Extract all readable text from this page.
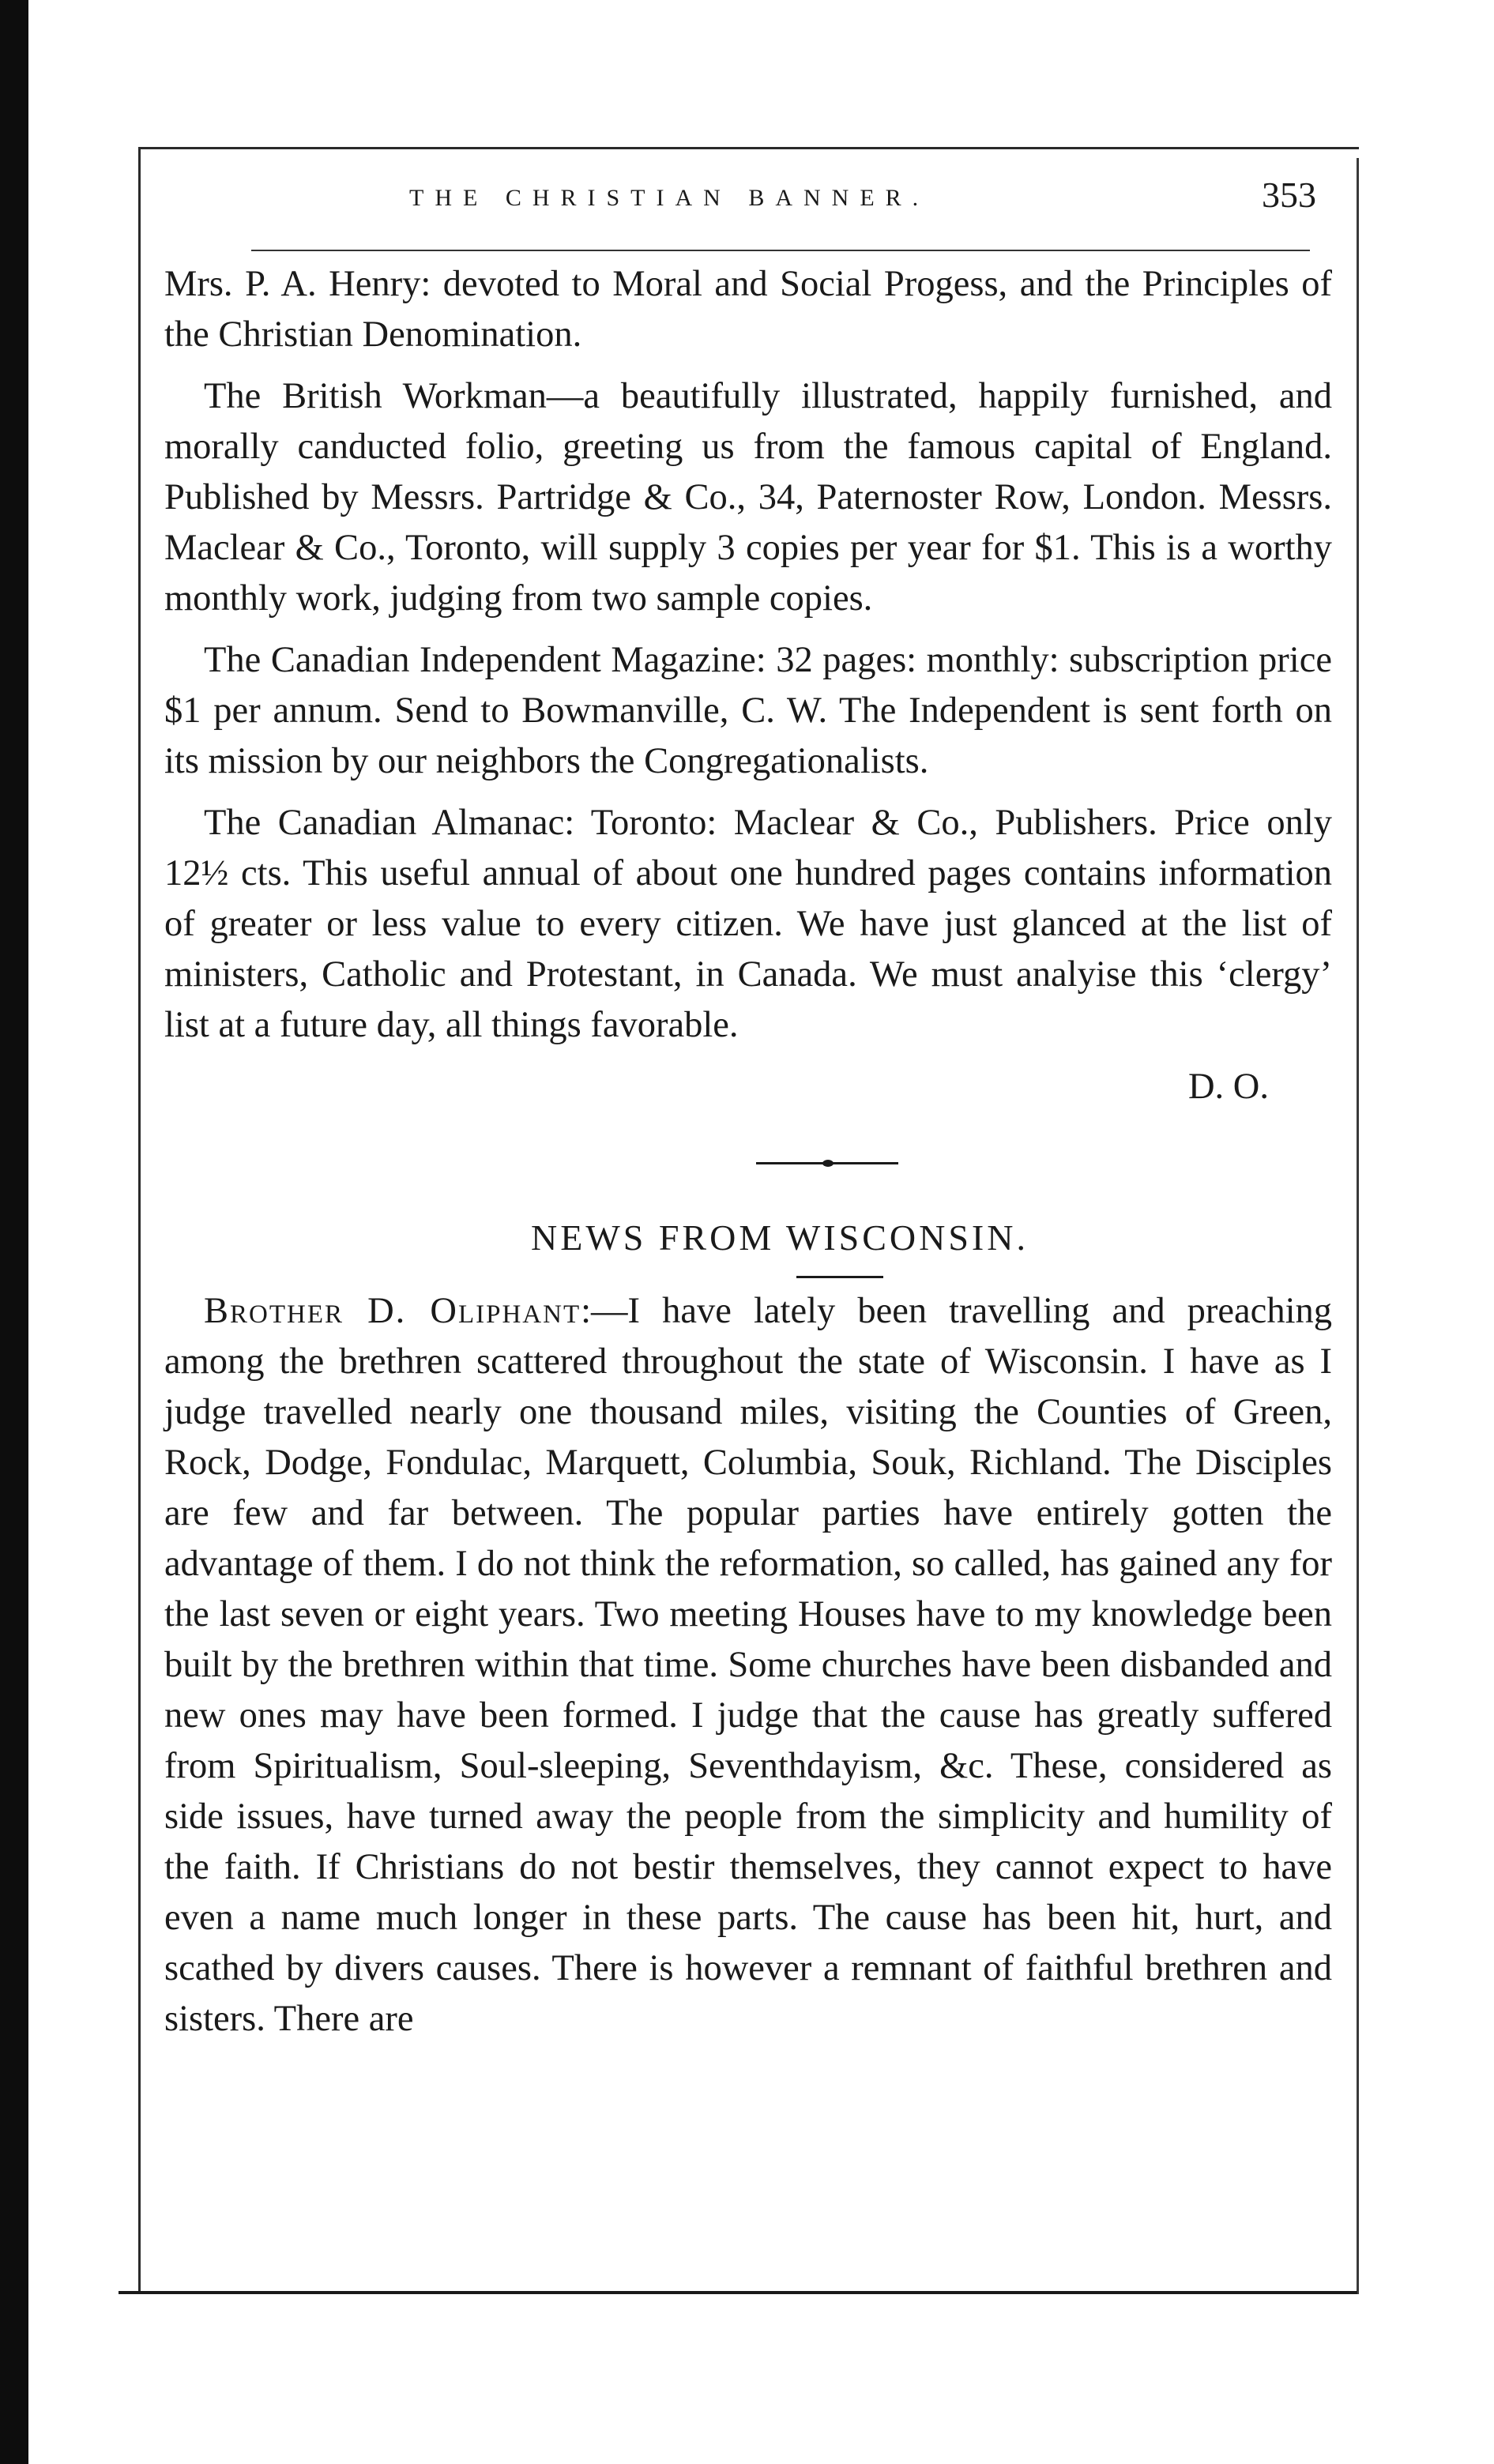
THE CHRISTIAN BANNER.	353

Mrs. P. A. Henry: devoted to Moral and Social Progess, and the Principles of the Christian Denomination.

The British Workman—a beautifully illustrated, happily furnished, and morally canducted folio, greeting us from the famous capital of England. Published by Messrs. Partridge & Co., 34, Paternoster Row, London. Messrs. Maclear & Co., Toronto, will supply 3 copies per year for $1. This is a worthy monthly work, judging from two sample copies.

The Canadian Independent Magazine: 32 pages: monthly: subscription price $1 per annum. Send to Bowmanville, C. W. The Independent is sent forth on its mission by our neighbors the Congregationalists.

The Canadian Almanac: Toronto: Maclear & Co., Publishers. Price only 12½ cts. This useful annual of about one hundred pages contains information of greater or less value to every citizen. We have just glanced at the list of ministers, Catholic and Protestant, in Canada. We must analyise this ‘clergy’ list at a future day, all things favorable.

D. O.
NEWS FROM WISCONSIN.

Brother D. Oliphant:—I have lately been travelling and preaching among the brethren scattered throughout the state of Wisconsin. I have as I judge travelled nearly one thousand miles, visiting the Counties of Green, Rock, Dodge, Fondulac, Marquett, Columbia, Souk, Richland. The Disciples are few and far between. The popular parties have entirely gotten the advantage of them. I do not think the reformation, so called, has gained any for the last seven or eight years. Two meeting Houses have to my knowledge been built by the brethren within that time. Some churches have been disbanded and new ones may have been formed. I judge that the cause has greatly suffered from Spiritualism, Soul-sleeping, Seventhdayism, &c. These, considered as side issues, have turned away the people from the simplicity and humility of the faith. If Christians do not bestir themselves, they cannot expect to have even a name much longer in these parts. The cause has been hit, hurt, and scathed by divers causes. There is however a remnant of faithful brethren and sisters. There are
